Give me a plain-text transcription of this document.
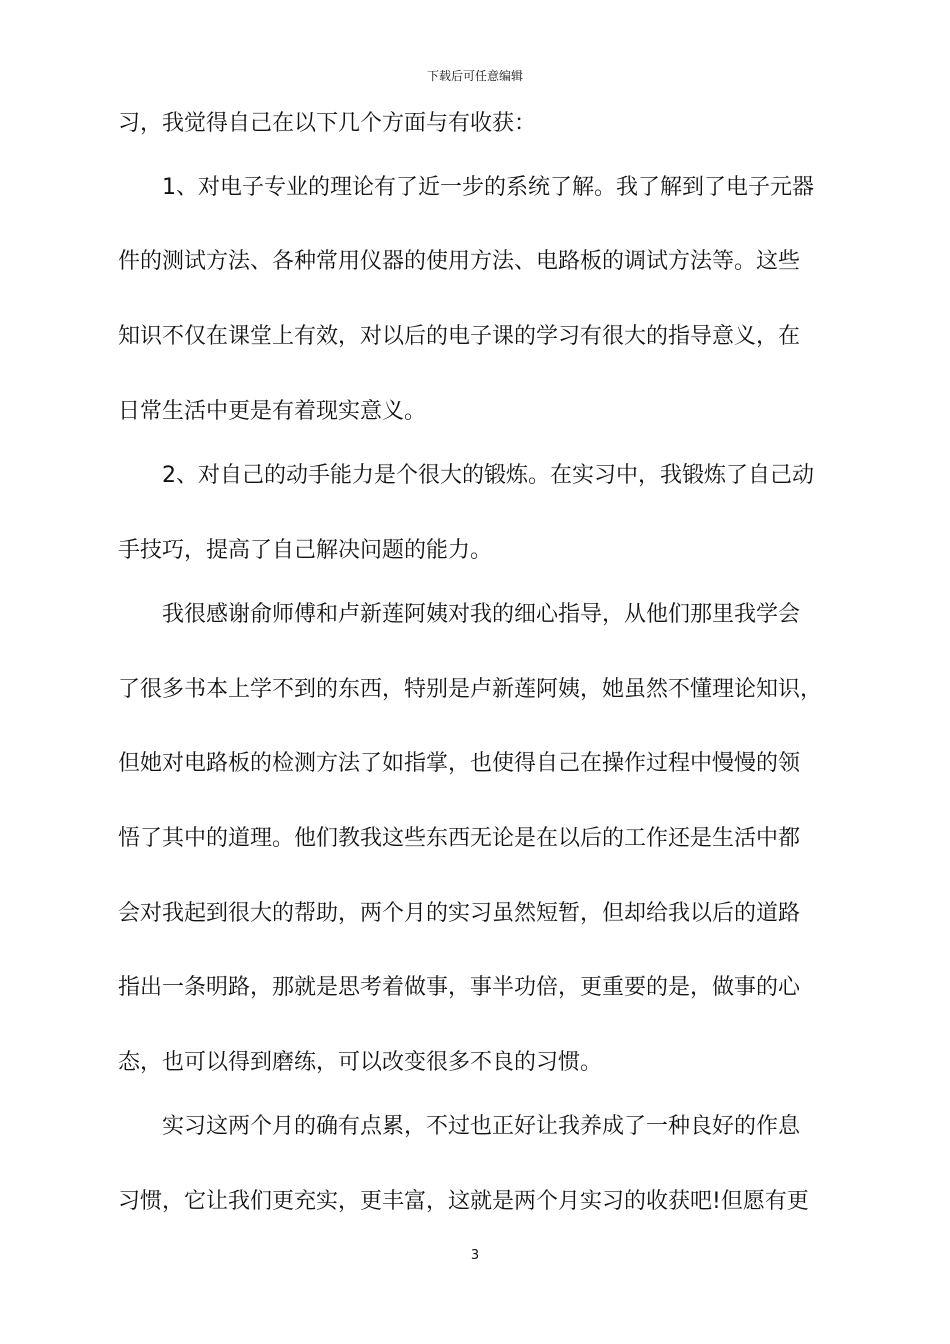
下载后可任意编辑
习，我觉得自己在以下几个方面与有收获：
1、对电子专业的理论有了近一步的系统了解。我了解到了电子元器
件的测试方法、各种常用仪器的使用方法、电路板的调试方法等。这些
知识不仅在课堂上有效，对以后的电子课的学习有很大的指导意义，在
日常生活中更是有着现实意义。
2、对自己的动手能力是个很大的锻炼。在实习中，我锻炼了自己动
手技巧，提高了自己解决问题的能力。
我很感谢俞师傅和卢新莲阿姨对我的细心指导，从他们那里我学会
了很多书本上学不到的东西，特别是卢新莲阿姨，她虽然不懂理论知识，
但她对电路板的检测方法了如指掌，也使得自己在操作过程中慢慢的领
悟了其中的道理。他们教我这些东西无论是在以后的工作还是生活中都
会对我起到很大的帮助，两个月的实习虽然短暂，但却给我以后的道路
指出一条明路，那就是思考着做事，事半功倍，更重要的是，做事的心
态，也可以得到磨练，可以改变很多不良的习惯。
实习这两个月的确有点累，不过也正好让我养成了一种良好的作息
习惯，它让我们更充实，更丰富，这就是两个月实习的收获吧!但愿有更
3
